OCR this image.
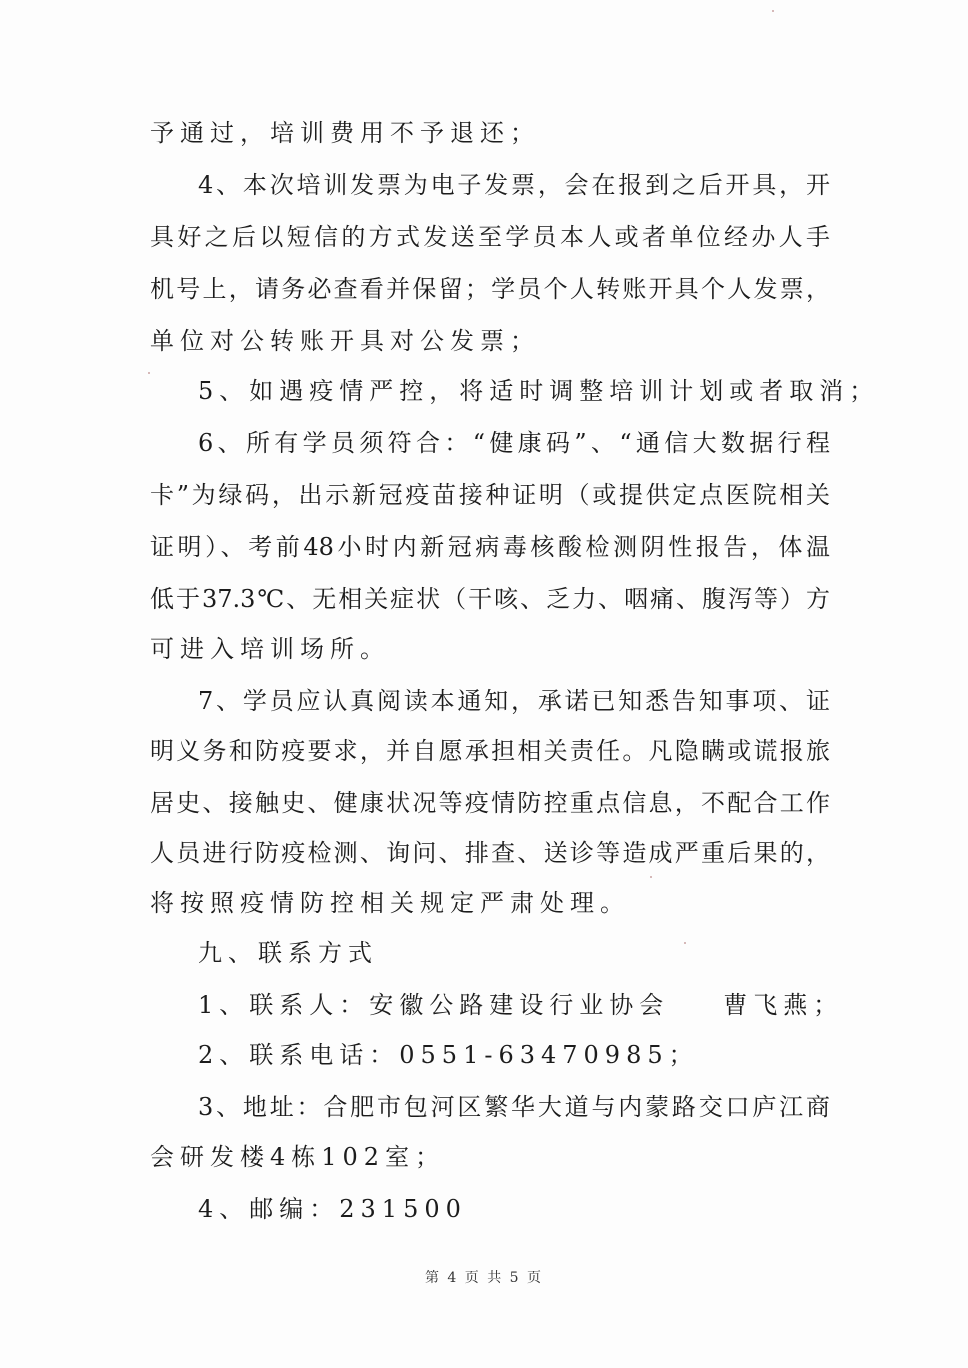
予通过，培训费用不予退还；
4、本次培训发票为电子发票，会在报到之后开具，开
具好之后以短信的方式发送至学员本人或者单位经办人手
机号上，请务必查看并保留；学员个人转账开具个人发票，
单位对公转账开具对公发票；
5、如遇疫情严控，将适时调整培训计划或者取消；
6、所有学员须符合：“健康码”、“通信大数据行程
卡”为绿码，出示新冠疫苗接种证明（或提供定点医院相关
证明）、考前48小时内新冠病毒核酸检测阴性报告，体温
低于37.3℃、无相关症状（干咳、乏力、咽痛、腹泻等）方
可进入培训场所。
7、学员应认真阅读本通知，承诺已知悉告知事项、证
明义务和防疫要求，并自愿承担相关责任。凡隐瞒或谎报旅
居史、接触史、健康状况等疫情防控重点信息，不配合工作
人员进行防疫检测、询问、排查、送诊等造成严重后果的，
将按照疫情防控相关规定严肃处理。
九、联系方式
1、联系人：安徽公路建设行业协会 曹飞燕；
2、联系电话：0551-63470985；
3、地址：合肥市包河区繁华大道与内蒙路交口庐江商
会研发楼4栋102室；
4、邮编：231500
第 4 页 共 5 页
